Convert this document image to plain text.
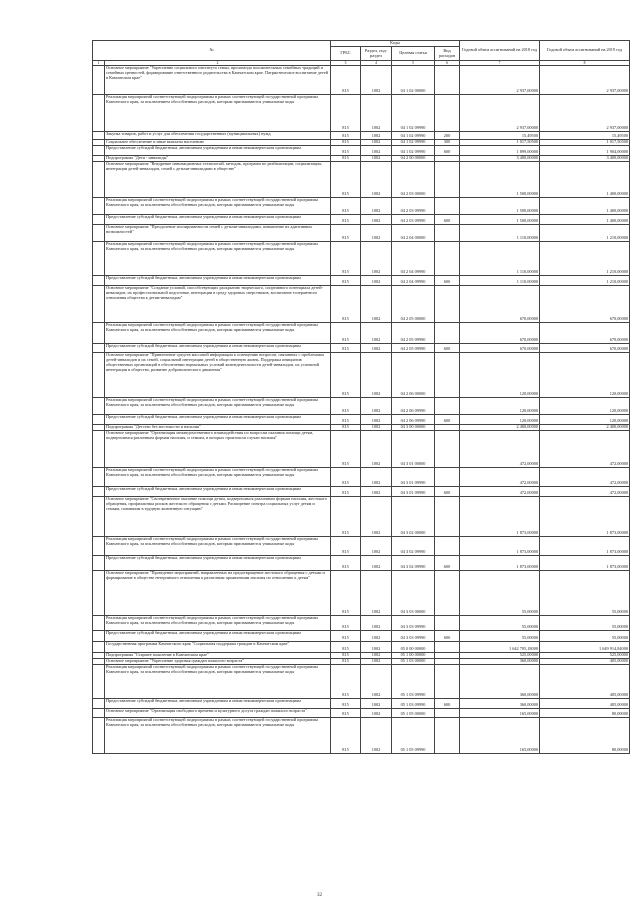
№		Коды				Годовой объем ассигнований на 2018 год	Годовой объем ассигнований на 2019 год
		ГРБС	Раздел, под-раздел	Целевая статья	Вид расходов		
1	2	3	4	5	6	7	8
	Основное мероприятие "Укрепление социального института семьи, пропаганда положительных семейных традиций и семейных ценностей, формирование ответственного родительства в Камчатском крае. Патриотическое воспитание детей в Камчатском крае"	815	1002	04 1 02 00000		2 937,00000	2 937,00000
	Реализация мероприятий соответствующей подпрограммы в рамках соответствующей государственной программы Камчатского края, за исключением обособленных расходов, которым присваиваются уникальные коды	815	1002	04 1 02 09990		2 937,00000	2 937,00000
	Закупка товаров, работ и услуг для обеспечения государственных (муниципальных) нужд	815	1002	04 1 02 09990	200	15,49500	15,49500
	Социальное обеспечение и иные выплаты населению	815	1002	04 1 02 09990	300	1 017,50500	1 017,50500
	Предоставление субсидий бюджетным, автономным учреждениям и иным некоммерческим организациям	815	1002	04 1 02 09990	600	1 899,00000	1 904,00000
	Подпрограмма "Дети - инвалиды"	815	1002	04 2 00 00000		3 400,00000	3 400,00000
	Основное мероприятие "Внедрение инновационных технологий, методик, программ по реабилитации, социализации, интеграции детей-инвалидов, семей с детьми-инвалидами в обществе"	815	1002	04 2 03 00000		1 500,00000	1 400,00000
	Реализация мероприятий соответствующей подпрограммы в рамках соответствующей государственной программы Камчатского края, за исключением обособленных расходов, которым присваиваются уникальные коды	815	1002	04 2 03 09990		1 500,00000	1 400,00000
	Предоставление субсидий бюджетным, автономным учреждениям и иным некоммерческим организациям	815	1002	04 2 03 09990	600	1 500,00000	1 400,00000
	Основное мероприятие "Преодоление изолированности семей с детьми-инвалидами, повышение их адаптивных возможностей"	815	1002	04 2 04 00000		1 110,00000	1 210,00000
	Реализация мероприятий соответствующей подпрограммы в рамках соответствующей государственной программы Камчатского края, за исключением обособленных расходов, которым присваиваются уникальные коды	815	1002	04 2 04 09990		1 110,00000	1 210,00000
	Предоставление субсидий бюджетным, автономным учреждениям и иным некоммерческим организациям	815	1002	04 2 04 09990	600	1 110,00000	1 210,00000
	Основное мероприятие "Создание условий, способствующих раскрытию творческого, спортивного потенциала детей-инвалидов, их профессиональной подготовке, интеграции в среду здоровых сверстников, воспитание толерантного отношения общества к детям-инвалидам"	815	1002	04 2 05 00000		670,00000	670,00000
	Реализация мероприятий соответствующей подпрограммы в рамках соответствующей государственной программы Камчатского края, за исключением обособленных расходов, которым присваиваются уникальные коды	815	1002	04 2 05 09990		670,00000	670,00000
	Предоставление субсидий бюджетным, автономным учреждениям и иным некоммерческим организациям	815	1002	04 2 05 09990	600	670,00000	670,00000
	Основное мероприятие "Привлечение средств массовой информации к освещению вопросов, связанных с проблемами детей-инвалидов и их семей, социальной интеграции детей в общественную жизнь. Поддержка инициатив общественных организаций в обеспечении нормальных условий жизнедеятельности детей-инвалидов, их успешной интеграции в общество, развитие добровольческого движения"	815	1002	04 2 06 00000		120,00000	120,00000
	Реализация мероприятий соответствующей подпрограммы в рамках соответствующей государственной программы Камчатского края, за исключением обособленных расходов, которым присваиваются уникальные коды	815	1002	04 2 06 09990		120,00000	120,00000
	Предоставление субсидий бюджетным, автономным учреждениям и иным некоммерческим организациям	815	1002	04 2 06 09990	600	120,00000	120,00000
	Подпрограмма "Детство без жестокости и насилия"	815	1002	04 3 00 00000		2 400,00000	2 400,00000
	Основное мероприятие "Организация межведомственного взаимодействия по вопросам оказания помощи детям, подвергшимся различным формам насилия, и семьям, в которых произошли случаи насилия"	815	1002	04 3 01 00000		472,00000	472,00000
	Реализация мероприятий соответствующей подпрограммы в рамках соответствующей государственной программы Камчатского края, за исключением обособленных расходов, которым присваиваются уникальные коды	815	1002	04 3 01 09990		472,00000	472,00000
	Предоставление субсидий бюджетным, автономным учреждениям и иным некоммерческим организациям	815	1002	04 3 01 09990	600	472,00000	472,00000
	Основное мероприятие "Своевременное оказание помощи детям, подвергшимся различным формам насилия, жестокого обращения, профилактика рисков жестокого обращения с детьми. Расширение спектра социальных услуг детям и семьям, попавшим в трудную жизненную ситуацию"	815	1002	04 3 02 00000		1 873,00000	1 873,00000
	Реализация мероприятий соответствующей подпрограммы в рамках соответствующей государственной программы Камчатского края, за исключением обособленных расходов, которым присваиваются уникальные коды	815	1002	04 3 02 09990		1 873,00000	1 873,00000
	Предоставление субсидий бюджетным, автономным учреждениям и иным некоммерческим организациям	815	1002	04 3 02 09990	600	1 873,00000	1 873,00000
	Основное мероприятие "Проведение мероприятий, направленных на предотвращение жестокого обращения с детьми и формирование в обществе нетерпимого отношения к различным проявлениям насилия по отношению к детям"	815	1002	04 3 03 00000		55,00000	55,00000
	Реализация мероприятий соответствующей подпрограммы в рамках соответствующей государственной программы Камчатского края, за исключением обособленных расходов, которым присваиваются уникальные коды	815	1002	04 3 03 09990		55,00000	55,00000
	Предоставление субсидий бюджетным, автономным учреждениям и иным некоммерческим организациям	815	1002	04 3 03 09990	600	55,00000	55,00000
	Государственная программа Камчатского края "Социальная поддержка граждан в Камчатском крае"	815	1002	05 0 00 00000		1 642 705,18000	1 649 914,84000
	Подпрограмма "Старшее поколение в Камчатском крае"	815	1002	05 1 00 00000		525,00000	525,00000
	Основное мероприятие "Укрепление здоровья граждан пожилого возраста"	815	1002	05 1 03 00000		360,00000	405,00000
	Реализация мероприятий соответствующей подпрограммы в рамках соответствующей государственной программы Камчатского края, за исключением обособленных расходов, которым присваиваются уникальные коды	815	1002	05 1 03 09990		360,00000	405,00000
	Предоставление субсидий бюджетным, автономным учреждениям и иным некоммерческим организациям	815	1002	05 1 03 09990	600	360,00000	405,00000
	Основное мероприятие "Организация свободного времени и культурного досуга граждан пожилого возраста"	815	1002	05 1 05 00000		165,00000	80,00000
	Реализация мероприятий соответствующей подпрограммы в рамках соответствующей государственной программы Камчатского края, за исключением обособленных расходов, которым присваиваются уникальные коды	815	1002	05 1 05 09990		165,00000	80,00000
32
